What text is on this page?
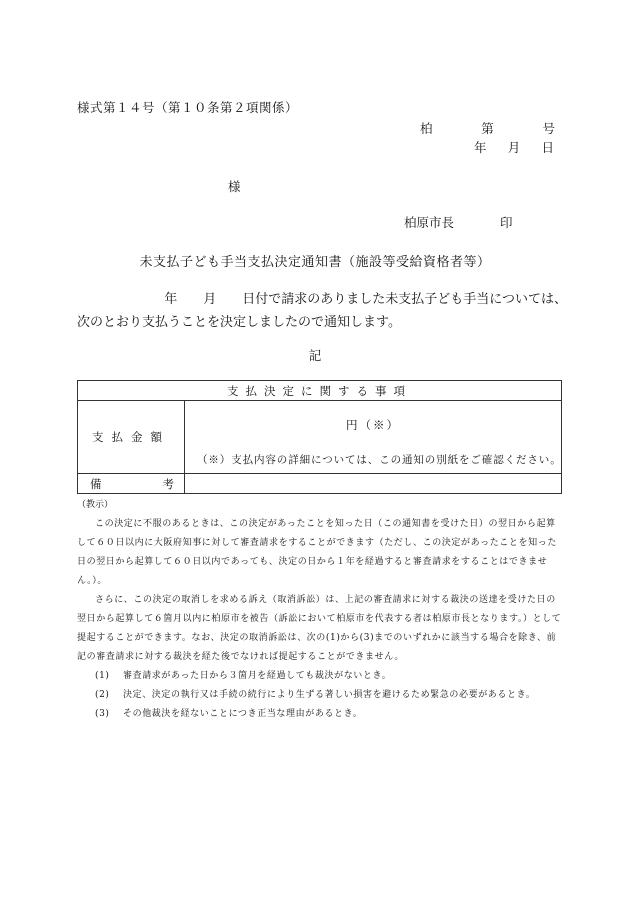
様式第１４号（第１０条第２項関係）
柏	第	号
年 月 日
様
柏原市長	印
未支払子ども手当支払決定通知書（施設等受給資格者等）
年　　月　　日付で請求のありました未支払子ども手当については、
次のとおり支払うことを決定しましたので通知します。
記
支払決定に関する事項	
支払金額	円（※）
（※）支払内容の詳細については、この通知の別紙をご確認ください。

備 考	

（教示）

この決定に不服のあるときは、この決定があったことを知った日（この通知書を受けた日）の翌日から起算して６０日以内に大阪府知事に対して審査請求をすることができます（ただし、この決定があったことを知った日の翌日から起算して６０日以内であっても、決定の日から１年を経過すると審査請求をすることはできません。）。

さらに、この決定の取消しを求める訴え（取消訴訟）は、上記の審査請求に対する裁決の送達を受けた日の翌日から起算して６箇月以内に柏原市を被告（訴訟において柏原市を代表する者は柏原市長となります。）として提起することができます。なお、決定の取消訴訟は、次の(1)から(3)までのいずれかに該当する場合を除き、前記の審査請求に対する裁決を経た後でなければ提起することができません。

(1) 審査請求があった日から３箇月を経過しても裁決がないとき。
(2) 決定、決定の執行又は手続の続行により生ずる著しい損害を避けるため緊急の必要があるとき。
(3) その他裁決を経ないことにつき正当な理由があるとき。
